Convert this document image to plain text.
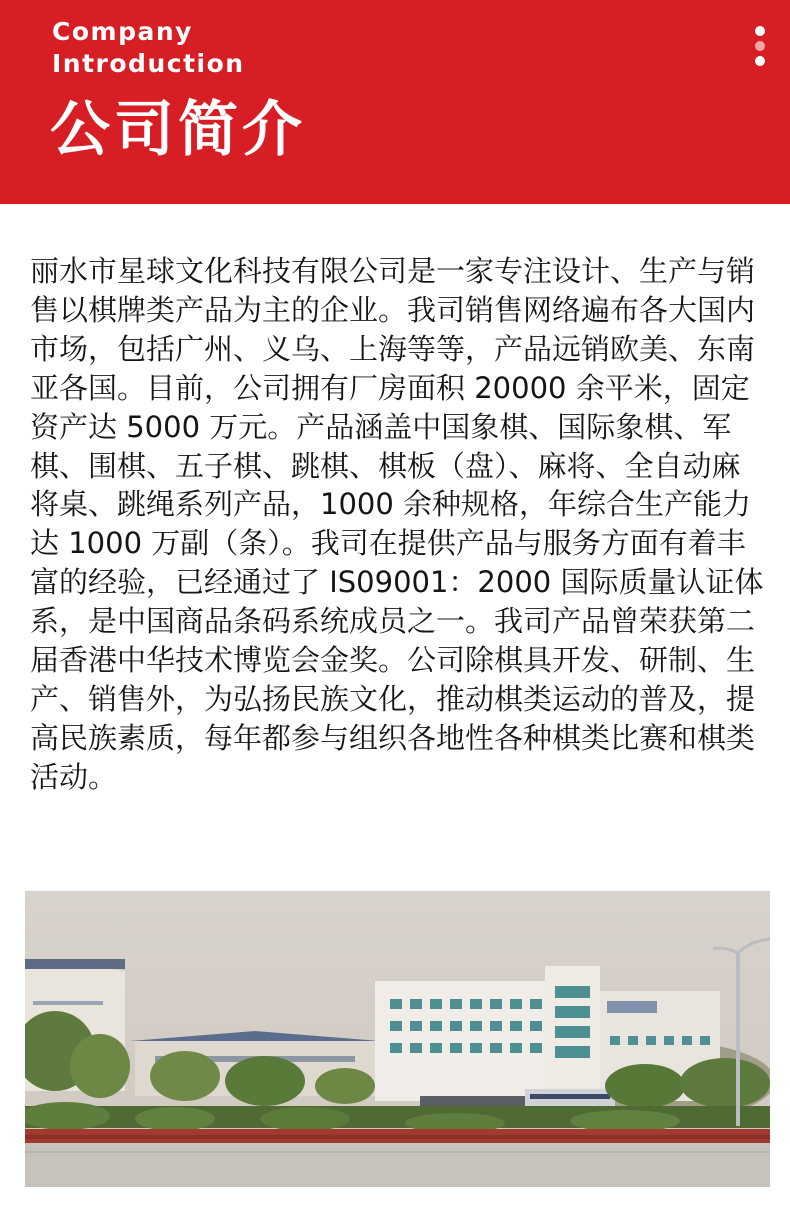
Company
Introduction
公司简介

丽水市星球文化科技有限公司是一家专注设计、生产与销售以棋牌类产品为主的企业。我司销售网络遍布各大国内市场，包括广州、义乌、上海等等，产品远销欧美、东南亚各国。目前，公司拥有厂房面积 20000 余平米，固定资产达 5000 万元。产品涵盖中国象棋、国际象棋、军棋、围棋、五子棋、跳棋、棋板（盘）、麻将、全自动麻将桌、跳绳系列产品，1000 余种规格，年综合生产能力达 1000 万副（条）。我司在提供产品与服务方面有着丰富的经验，已经通过了 IS09001：2000 国际质量认证体系，是中国商品条码系统成员之一。我司产品曾荣获第二届香港中华技术博览会金奖。公司除棋具开发、研制、生产、销售外，为弘扬民族文化，推动棋类运动的普及，提高民族素质，每年都参与组织各地性各种棋类比赛和棋类活动。
